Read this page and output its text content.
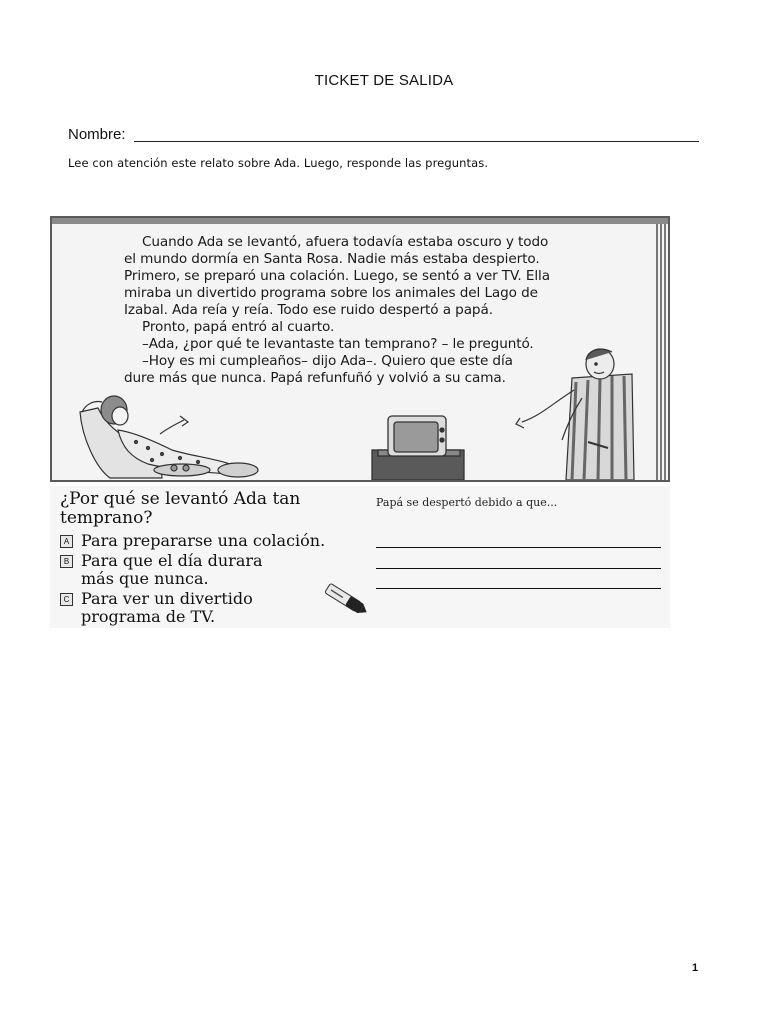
TICKET DE SALIDA
Nombre:
Lee con atención este relato sobre Ada. Luego, responde las preguntas.

Cuando Ada se levantó, afuera todavía estaba oscuro y todo

el mundo dormía en Santa Rosa. Nadie más estaba despierto.

Primero, se preparó una colación. Luego, se sentó a ver TV. Ella

miraba un divertido programa sobre los animales del Lago de

Izabal. Ada reía y reía. Todo ese ruido despertó a papá.

Pronto, papá entró al cuarto.

–Ada, ¿por qué te levantaste tan temprano? – le preguntó.

–Hoy es mi cumpleaños– dijo Ada–. Quiero que este día

dure más que nunca. Papá refunfuñó y volvió a su cama.

¿Por qué se levantó Ada tan temprano?
A Para prepararse una colación.
B Para que el día durara más que nunca.
C Para ver un divertido programa de TV.
Papá se despertó debido a que...
1
